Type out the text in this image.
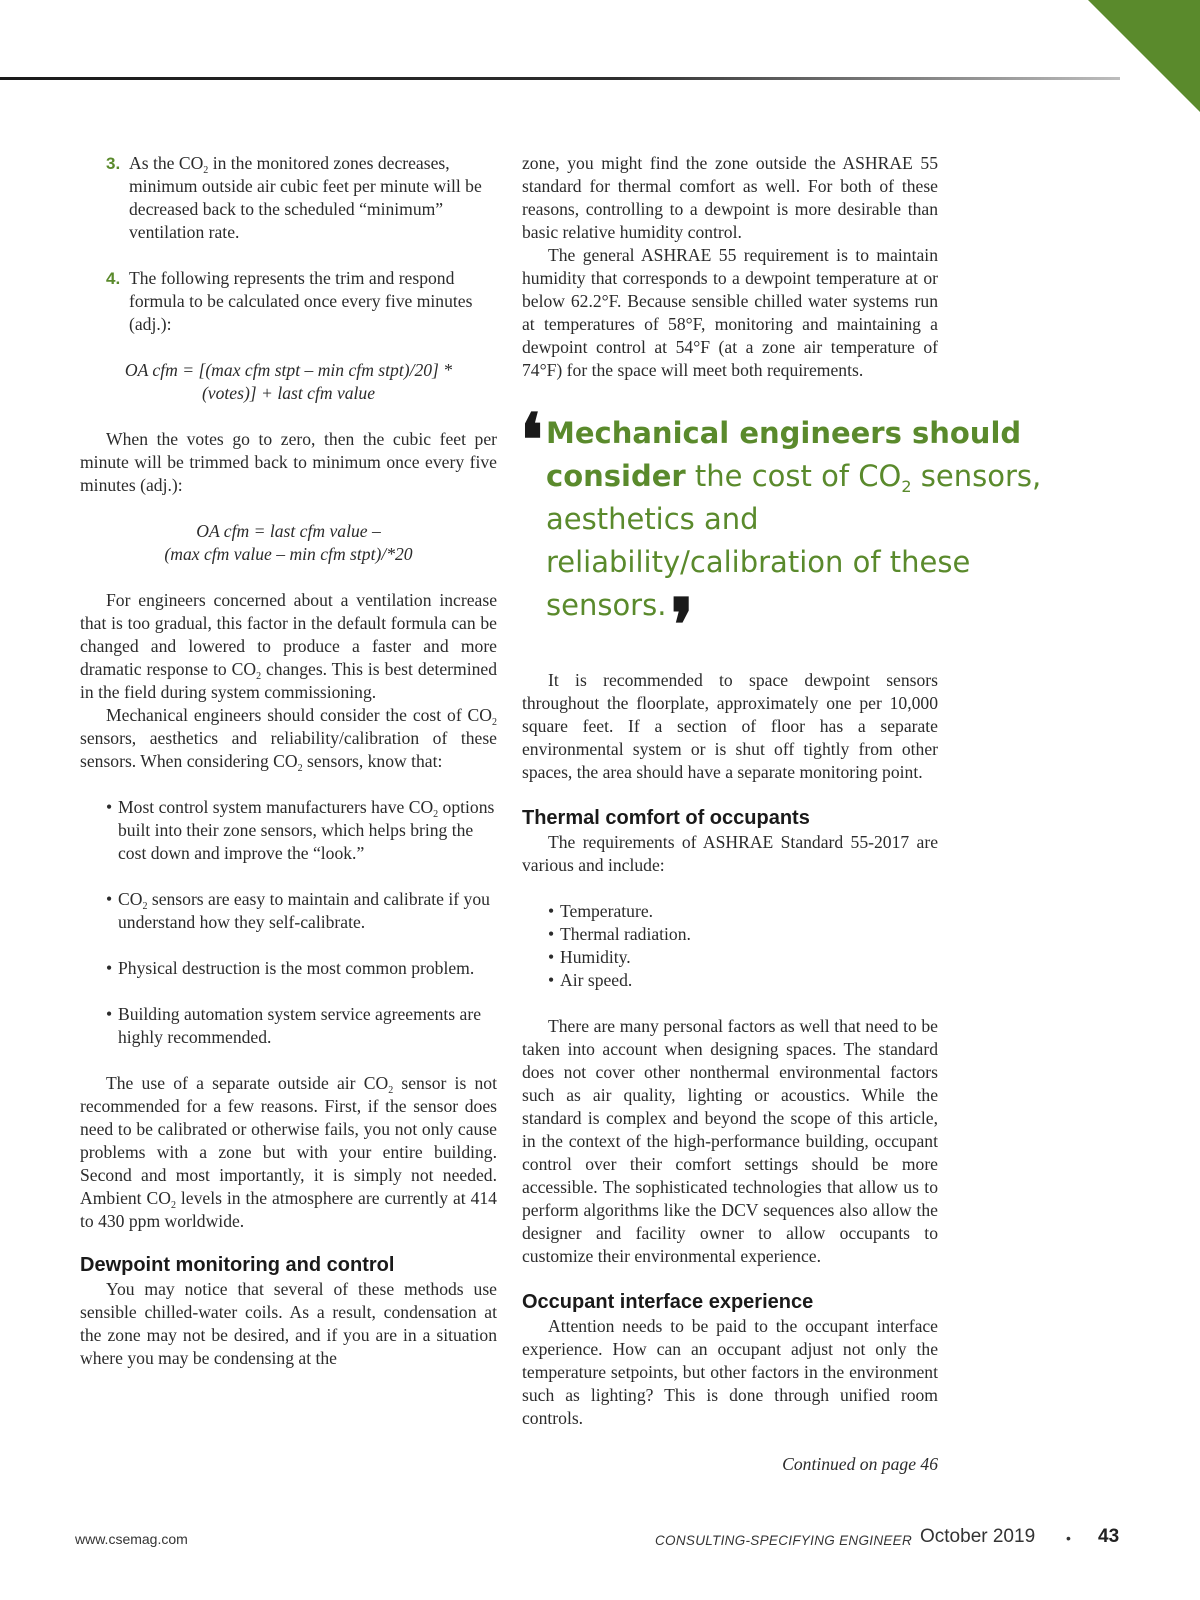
3. As the $CO_2$ in the monitored zones decreases, minimum outside air cubic feet per minute will be decreased back to the scheduled “minimum” ventilation rate.

4. The following represents the trim and respond formula to be calculated once every five minutes (adj.):

OA cfm = [(max cfm stpt – min cfm stpt)/20] *
(votes)] + last cfm value

When the votes go to zero, then the cubic feet per minute will be trimmed back to minimum once every five minutes (adj.):

OA cfm = last cfm value –
(max cfm value – min cfm stpt)/*20

For engineers concerned about a ventilation increase that is too gradual, this factor in the default formula can be changed and lowered to produce a faster and more dramatic response to $CO_2$ changes. This is best determined in the field during system commissioning.

Mechanical engineers should consider the cost of $CO_2$ sensors, aesthetics and reliability/calibration of these sensors. When considering $CO_2$ sensors, know that:

• Most control system manufacturers have $CO_2$ options built into their zone sensors, which helps bring the cost down and improve the “look.”

• $CO_2$ sensors are easy to maintain and calibrate if you understand how they self-calibrate.

• Physical destruction is the most common problem.

• Building automation system service agreements are highly recommended.

The use of a separate outside air $CO_2$ sensor is not recommended for a few reasons. First, if the sensor does need to be calibrated or otherwise fails, you not only cause problems with a zone but with your entire building. Second and most importantly, it is simply not needed. Ambient $CO_2$ levels in the atmosphere are currently at 414 to 430 ppm worldwide.

Dewpoint monitoring and control

You may notice that several of these methods use sensible chilled-water coils. As a result, condensation at the zone may not be desired, and if you are in a situation where you may be condensing at the

zone, you might find the zone outside the ASHRAE 55 standard for thermal comfort as well. For both of these reasons, controlling to a dewpoint is more desirable than basic relative humidity control.

The general ASHRAE 55 requirement is to maintain humidity that corresponds to a dewpoint temperature at or below 62.2°F. Because sensible chilled water systems run at temperatures of 58°F, monitoring and maintaining a dewpoint control at 54°F (at a zone air temperature of 74°F) for the space will meet both requirements.

❛ Mechanical engineers should consider the cost of $CO_2$ sensors, aesthetics and reliability/calibration of these sensors. ❜

It is recommended to space dewpoint sensors throughout the floorplate, approximately one per 10,000 square feet. If a section of floor has a separate environmental system or is shut off tightly from other spaces, the area should have a separate monitoring point.

Thermal comfort of occupants

The requirements of ASHRAE Standard 55-2017 are various and include:

• Temperature.
• Thermal radiation.
• Humidity.
• Air speed.

There are many personal factors as well that need to be taken into account when designing spaces. The standard does not cover other nonthermal environmental factors such as air quality, lighting or acoustics. While the standard is complex and beyond the scope of this article, in the context of the high-performance building, occupant control over their comfort settings should be more accessible. The sophisticated technologies that allow us to perform algorithms like the DCV sequences also allow the designer and facility owner to allow occupants to customize their environmental experience.

Occupant interface experience

Attention needs to be paid to the occupant interface experience. How can an occupant adjust not only the temperature setpoints, but other factors in the environment such as lighting? This is done through unified room controls.

Continued on page 46

www.csemag.com	CONSULTING-SPECIFYING ENGINEER October 2019 • 43
